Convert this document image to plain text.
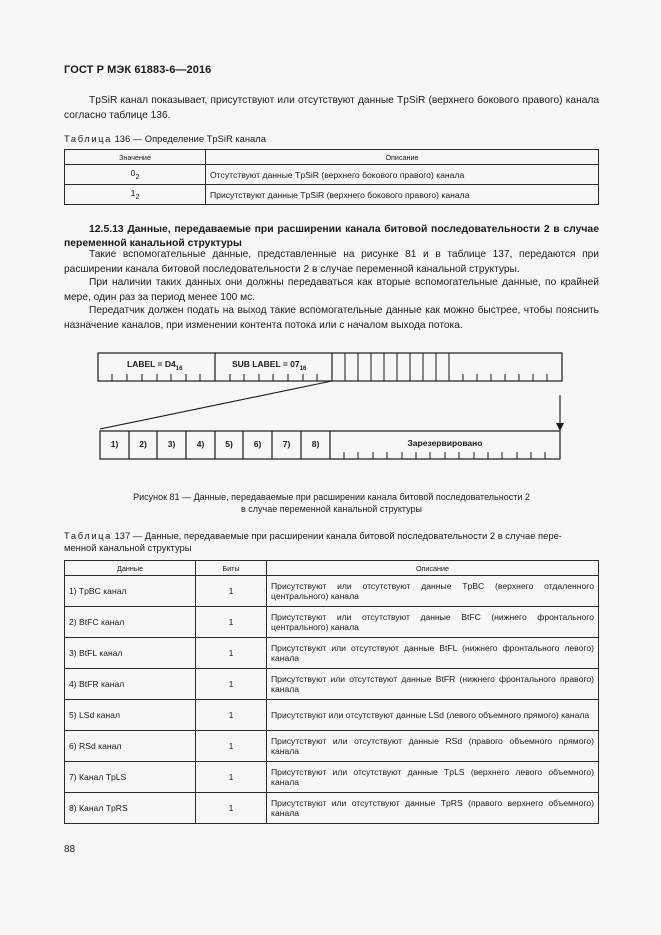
ГОСТ Р МЭК 61883-6—2016
TpSiR канал показывает, присутствуют или отсутствуют данные TpSiR (верхнего бокового правого) канала согласно таблице 136.
Таблица 136 — Определение TpSiR канала
Значение	Описание
$0_2$	Отсутствуют данные TpSiR (верхнего бокового правого) канала
$1_2$	Присутствуют данные TpSiR (верхнего бокового правого) канала
12.5.13 Данные, передаваемые при расширении канала битовой последовательности 2 в случае переменной канальной структуры
Такие вспомогательные данные, представленные на рисунке 81 и в таблице 137, передаются при расширении канала битовой последовательности 2 в случае переменной канальной структуры.
При наличии таких данных они должны передаваться как вторые вспомогательные данные, по крайней мере, один раз за период менее 100 мс.
Передатчик должен подать на выход такие вспомогательные данные как можно быстрее, чтобы пояснить назначение каналов, при изменении контента потока или с началом выхода потока.
LABEL = $D4_{16}$	SUB LABEL = $07_{16}$
1) 2) 3)	4) 5) 6)	7)	8)	Зарезервировано
Рисунок 81 — Данные, передаваемые при расширении канала битовой последовательности 2
в случае переменной канальной структуры
Таблица 137 — Данные, передаваемые при расширении канала битовой последовательности 2 в случае пере-
менной канальной структуры
Данные	Биты	Описание
1) TpBC канал	1	Присутствуют или отсутствуют данные TpBC (верхнего отдаленного центрального) канала
2) BtFC канал	1	Присутствуют или отсутствуют данные BtFC (нижнего фронтального центрального) канала
3) BtFL канал	1	Присутствуют или отсутствуют данные BtFL (нижнего фронтального левого) канала
4) BtFR канал	1	Присутствуют или отсутствуют данные BtFR (нижнего фронтального правого) канала
5) LSd канал	1	Присутствуют или отсутствуют данные LSd (левого объемного прямого) канала
6) RSd канал	1	Присутствуют или отсутствуют данные RSd (правого объемного прямого) канала
7) Канал TpLS	1	Присутствуют или отсутствуют данные TpLS (верхнего левого объемного) канала
8) Канал TpRS	1	Присутствуют или отсутствуют данные TpRS (правого верхнего объемного) канала
88
